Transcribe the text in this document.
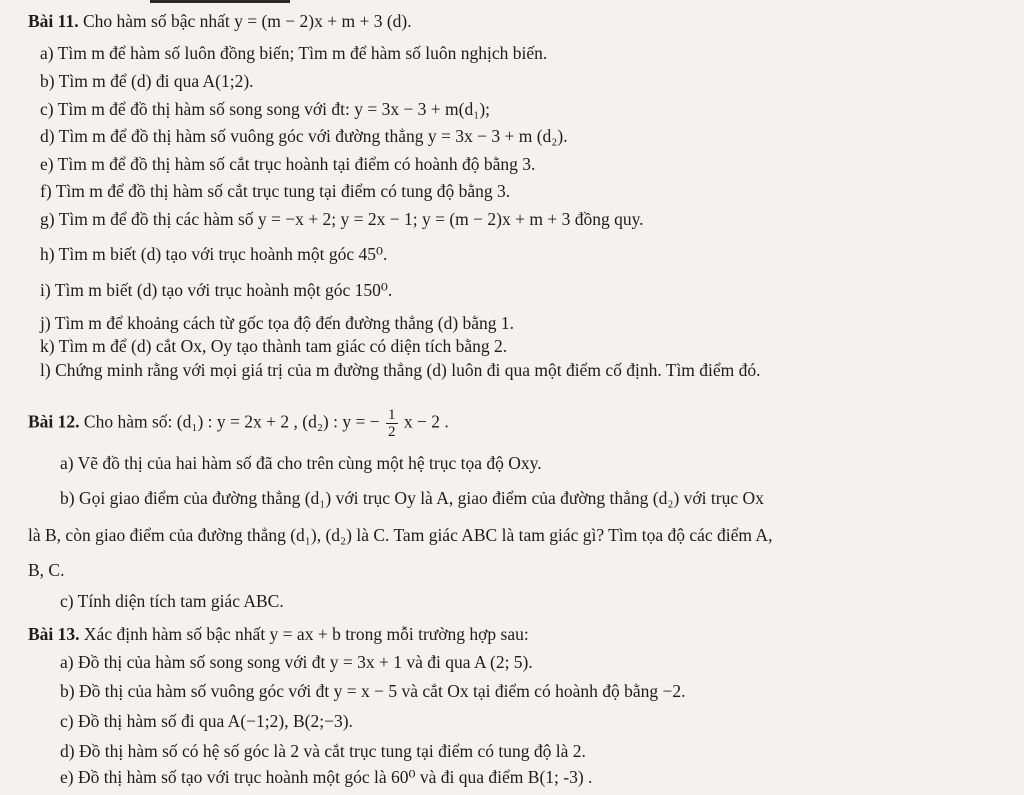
Bài 11. Cho hàm số bậc nhất y = (m − 2)x + m + 3 (d).
a) Tìm m để hàm số luôn đồng biến; Tìm m để hàm số luôn nghịch biến.
b) Tìm m để (d) đi qua A(1;2).
c) Tìm m để đồ thị hàm số song song với đt: y = 3x − 3 + m(d₁);
d) Tìm m để đồ thị hàm số vuông góc với đường thẳng y = 3x − 3 + m (d₂).
e) Tìm m để đồ thị hàm số cắt trục hoành tại điểm có hoành độ bằng 3.
f) Tìm m để đồ thị hàm số cắt trục tung tại điểm có tung độ bằng 3.
g) Tìm m để đồ thị các hàm số y = −x + 2; y = 2x − 1; y = (m − 2)x + m + 3 đồng quy.
h) Tìm m biết (d) tạo với trục hoành một góc 45⁰.
i) Tìm m biết (d) tạo với trục hoành một góc 150⁰.
j) Tìm m để khoảng cách từ gốc tọa độ đến đường thẳng (d) bằng 1.
k) Tìm m để (d) cắt Ox, Oy tạo thành tam giác có diện tích bằng 2.
l) Chứng minh rằng với mọi giá trị của m đường thẳng (d) luôn đi qua một điểm cố định. Tìm điểm đó.
Bài 12. Cho hàm số: (d₁) : y = 2x + 2 , (d₂) : y = − $\frac{1}{2}$ x − 2 .
a) Vẽ đồ thị của hai hàm số đã cho trên cùng một hệ trục tọa độ Oxy.
b) Gọi giao điểm của đường thẳng (d₁) với trục Oy là A, giao điểm của đường thẳng (d₂) với trục Ox
là B, còn giao điểm của đường thẳng (d₁), (d₂) là C. Tam giác ABC là tam giác gì? Tìm tọa độ các điểm A,
B, C.
c) Tính diện tích tam giác ABC.
Bài 13. Xác định hàm số bậc nhất y = ax + b trong mỗi trường hợp sau:
a) Đồ thị của hàm số song song với đt y = 3x + 1 và đi qua A (2; 5).
b) Đồ thị của hàm số vuông góc với đt y = x − 5 và cắt Ox tại điểm có hoành độ bằng −2.
c) Đồ thị hàm số đi qua A(−1;2), B(2;−3).
d) Đồ thị hàm số có hệ số góc là 2 và cắt trục tung tại điểm có tung độ là 2.
e) Đồ thị hàm số tạo với trục hoành một góc là 60⁰ và đi qua điểm B(1; -3) .
